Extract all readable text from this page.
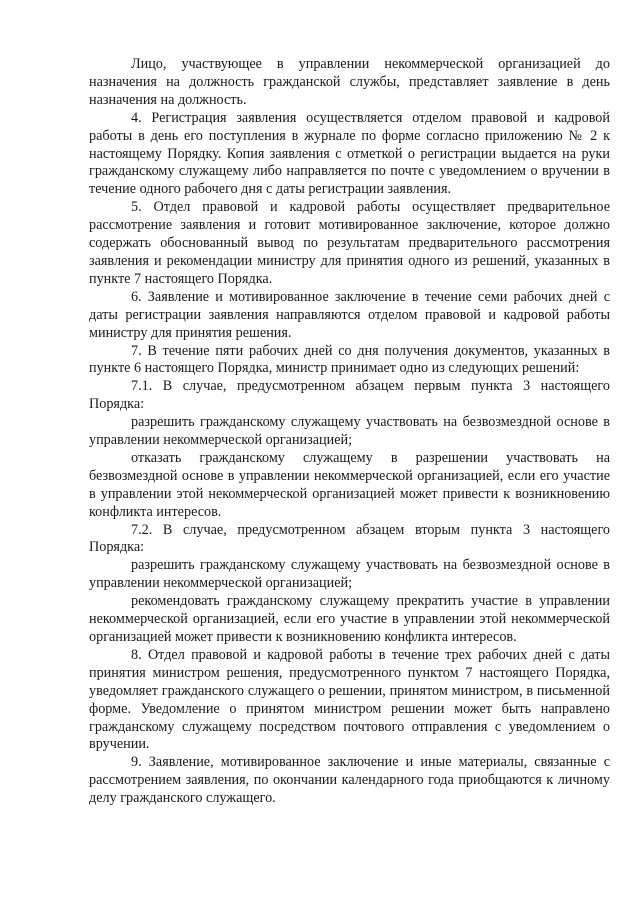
Лицо, участвующее в управлении некоммерческой организацией до назначения на должность гражданской службы, представляет заявление в день назначения на должность.

4. Регистрация заявления осуществляется отделом правовой и кадровой работы в день его поступления в журнале по форме согласно приложению № 2 к настоящему Порядку. Копия заявления с отметкой о регистрации выдается на руки гражданскому служащему либо направляется по почте с уведомлением о вручении в течение одного рабочего дня с даты регистрации заявления.

5. Отдел правовой и кадровой работы осуществляет предварительное рассмотрение заявления и готовит мотивированное заключение, которое должно содержать обоснованный вывод по результатам предварительного рассмотрения заявления и рекомендации министру для принятия одного из решений, указанных в пункте 7 настоящего Порядка.

6. Заявление и мотивированное заключение в течение семи рабочих дней с даты регистрации заявления направляются отделом правовой и кадровой работы министру для принятия решения.

7. В течение пяти рабочих дней со дня получения документов, указанных в пункте 6 настоящего Порядка, министр принимает одно из следующих решений:

7.1. В случае, предусмотренном абзацем первым пункта 3 настоящего Порядка:

разрешить гражданскому служащему участвовать на безвозмездной основе в управлении некоммерческой организацией;

отказать гражданскому служащему в разрешении участвовать на безвозмездной основе в управлении некоммерческой организацией, если его участие в управлении этой некоммерческой организацией может привести к возникновению конфликта интересов.

7.2. В случае, предусмотренном абзацем вторым пункта 3 настоящего Порядка:

разрешить гражданскому служащему участвовать на безвозмездной основе в управлении некоммерческой организацией;

рекомендовать гражданскому служащему прекратить участие в управлении некоммерческой организацией, если его участие в управлении этой некоммерческой организацией может привести к возникновению конфликта интересов.

8. Отдел правовой и кадровой работы в течение трех рабочих дней с даты принятия министром решения, предусмотренного пунктом 7 настоящего Порядка, уведомляет гражданского служащего о решении, принятом министром, в письменной форме. Уведомление о принятом министром решении может быть направлено гражданскому служащему посредством почтового отправления с уведомлением о вручении.

9. Заявление, мотивированное заключение и иные материалы, связанные с рассмотрением заявления, по окончании календарного года приобщаются к личному делу гражданского служащего.
